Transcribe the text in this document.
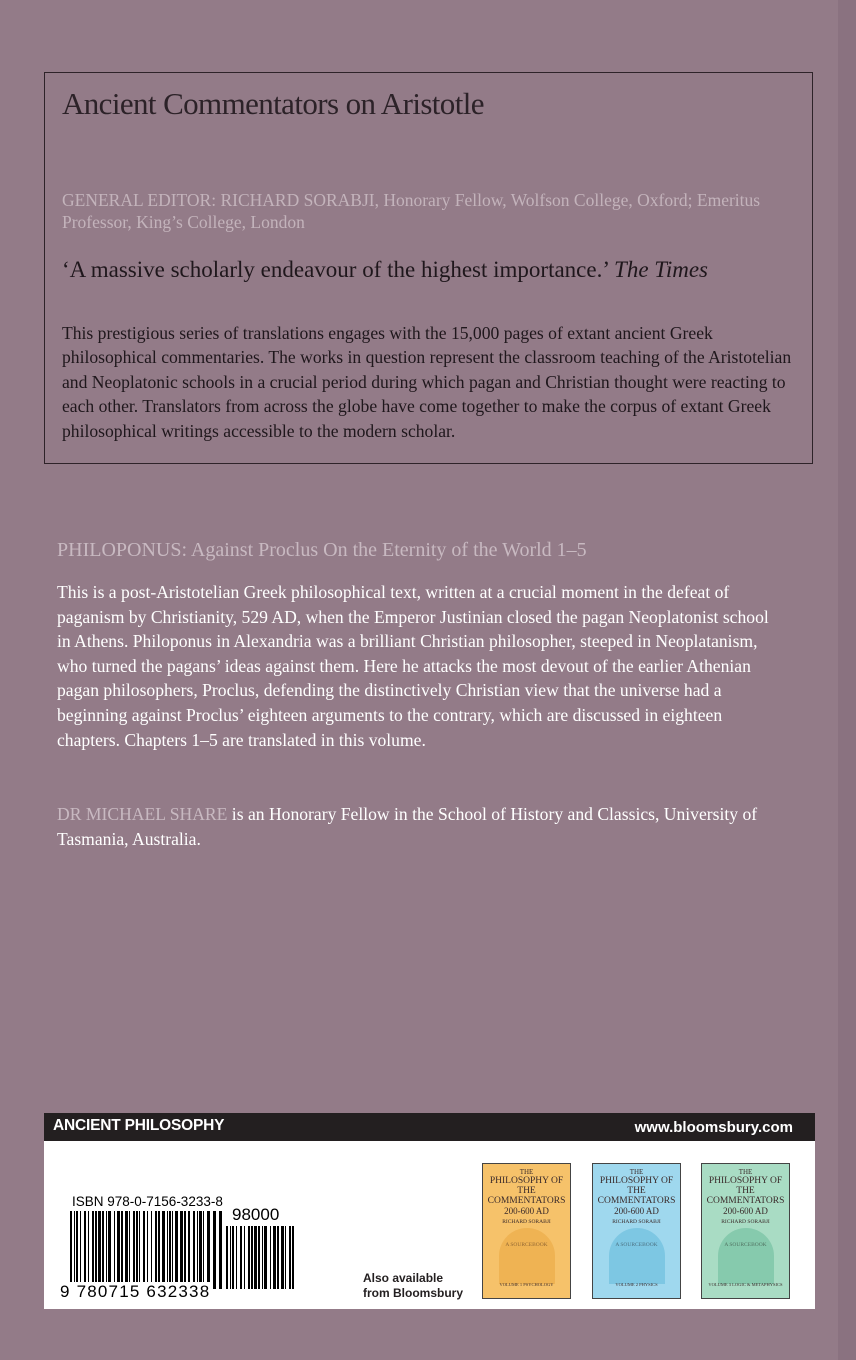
Ancient Commentators on Aristotle
GENERAL EDITOR: RICHARD SORABJI, Honorary Fellow, Wolfson College, Oxford; Emeritus Professor, King’s College, London
‘A massive scholarly endeavour of the highest importance.’ The Times
This prestigious series of translations engages with the 15,000 pages of extant ancient Greek philosophical commentaries. The works in question represent the classroom teaching of the Aristotelian and Neoplatonic schools in a crucial period during which pagan and Christian thought were reacting to each other. Translators from across the globe have come together to make the corpus of extant Greek philosophical writings accessible to the modern scholar.
PHILOPONUS: Against Proclus On the Eternity of the World 1–5
This is a post-Aristotelian Greek philosophical text, written at a crucial moment in the defeat of paganism by Christianity, 529 AD, when the Emperor Justinian closed the pagan Neoplatonist school in Athens. Philoponus in Alexandria was a brilliant Christian philosopher, steeped in Neoplatanism, who turned the pagans’ ideas against them. Here he attacks the most devout of the earlier Athenian pagan philosophers, Proclus, defending the distinctively Christian view that the universe had a beginning against Proclus’ eighteen arguments to the contrary, which are discussed in eighteen chapters. Chapters 1–5 are translated in this volume.
DR MICHAEL SHARE is an Honorary Fellow in the School of History and Classics, University of Tasmania, Australia.
ANCIENT PHILOSOPHY	www.bloomsbury.com
ISBN 978-0-7156-3233-8
98000
9 780715 632338
Also available
from Bloomsbury
THE
PHILOSOPHY OF THE COMMENTATORS
200-600 AD
RICHARD SORABJI
VOLUME 1 PSYCHOLOGY
THE
PHILOSOPHY OF THE COMMENTATORS
200-600 AD
RICHARD SORABJI
VOLUME 2 PHYSICS
THE
PHILOSOPHY OF THE COMMENTATORS
200-600 AD
RICHARD SORABJI
VOLUME 3 LOGIC & METAPHYSICS
